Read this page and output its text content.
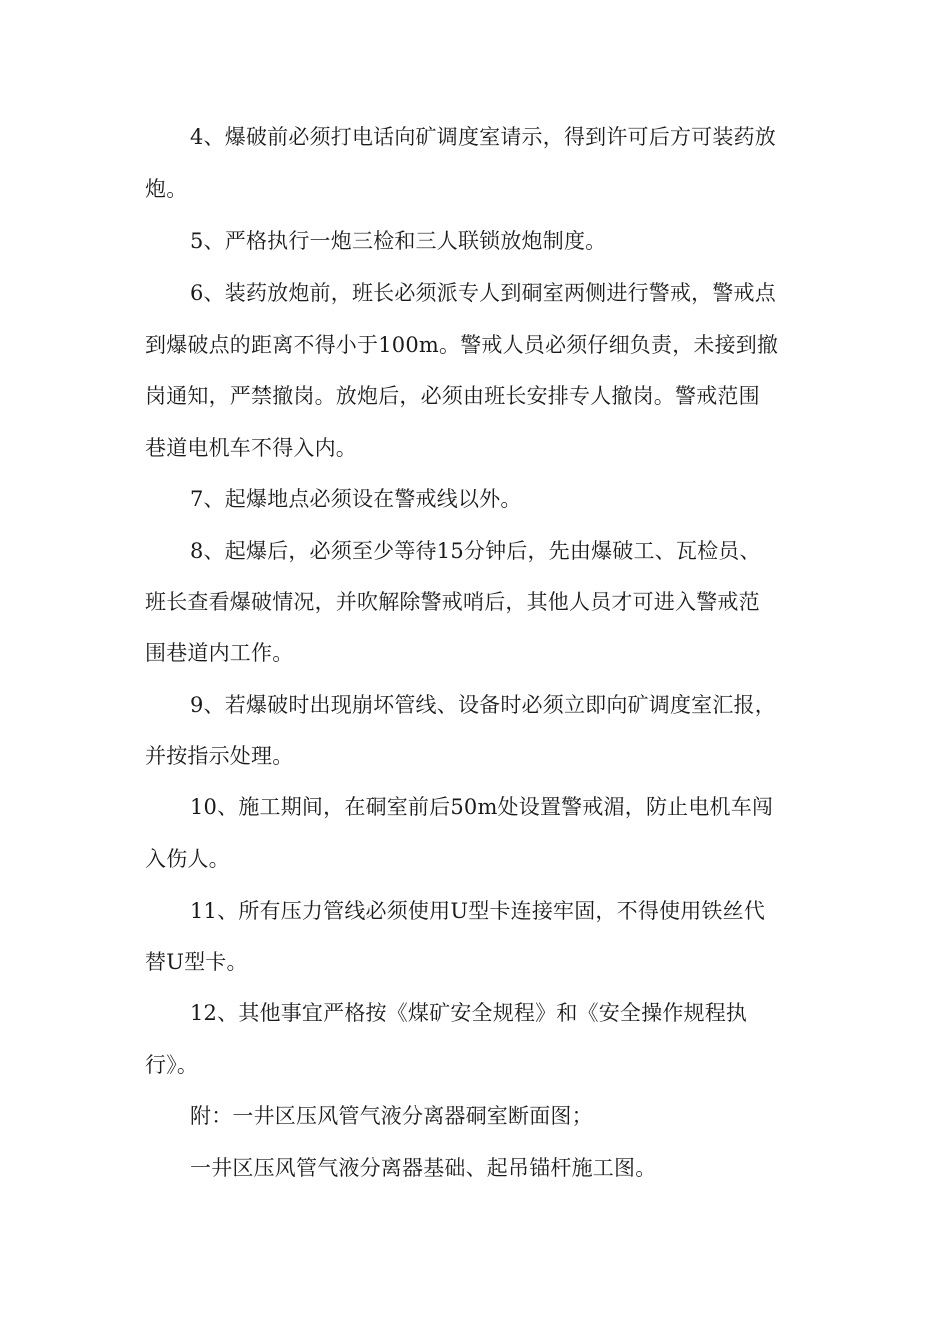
4、爆破前必须打电话向矿调度室请示，得到许可后方可装药放
炮。
5、严格执行一炮三检和三人联锁放炮制度。
6、装药放炮前，班长必须派专人到硐室两侧进行警戒，警戒点
到爆破点的距离不得小于100m。警戒人员必须仔细负责，未接到撤
岗通知，严禁撤岗。放炮后，必须由班长安排专人撤岗。警戒范围
巷道电机车不得入内。
7、起爆地点必须设在警戒线以外。
8、起爆后，必须至少等待15分钟后，先由爆破工、瓦检员、
班长查看爆破情况，并吹解除警戒哨后，其他人员才可进入警戒范
围巷道内工作。
9、若爆破时出现崩坏管线、设备时必须立即向矿调度室汇报，
并按指示处理。
10、施工期间，在硐室前后50m处设置警戒湄，防止电机车闯
入伤人。
11、所有压力管线必须使用U型卡连接牢固，不得使用铁丝代
替U型卡。
12、其他事宜严格按《煤矿安全规程》和《安全操作规程执
行》。
附：一井区压风管气液分离器硐室断面图；
一井区压风管气液分离器基础、起吊锚杆施工图。
